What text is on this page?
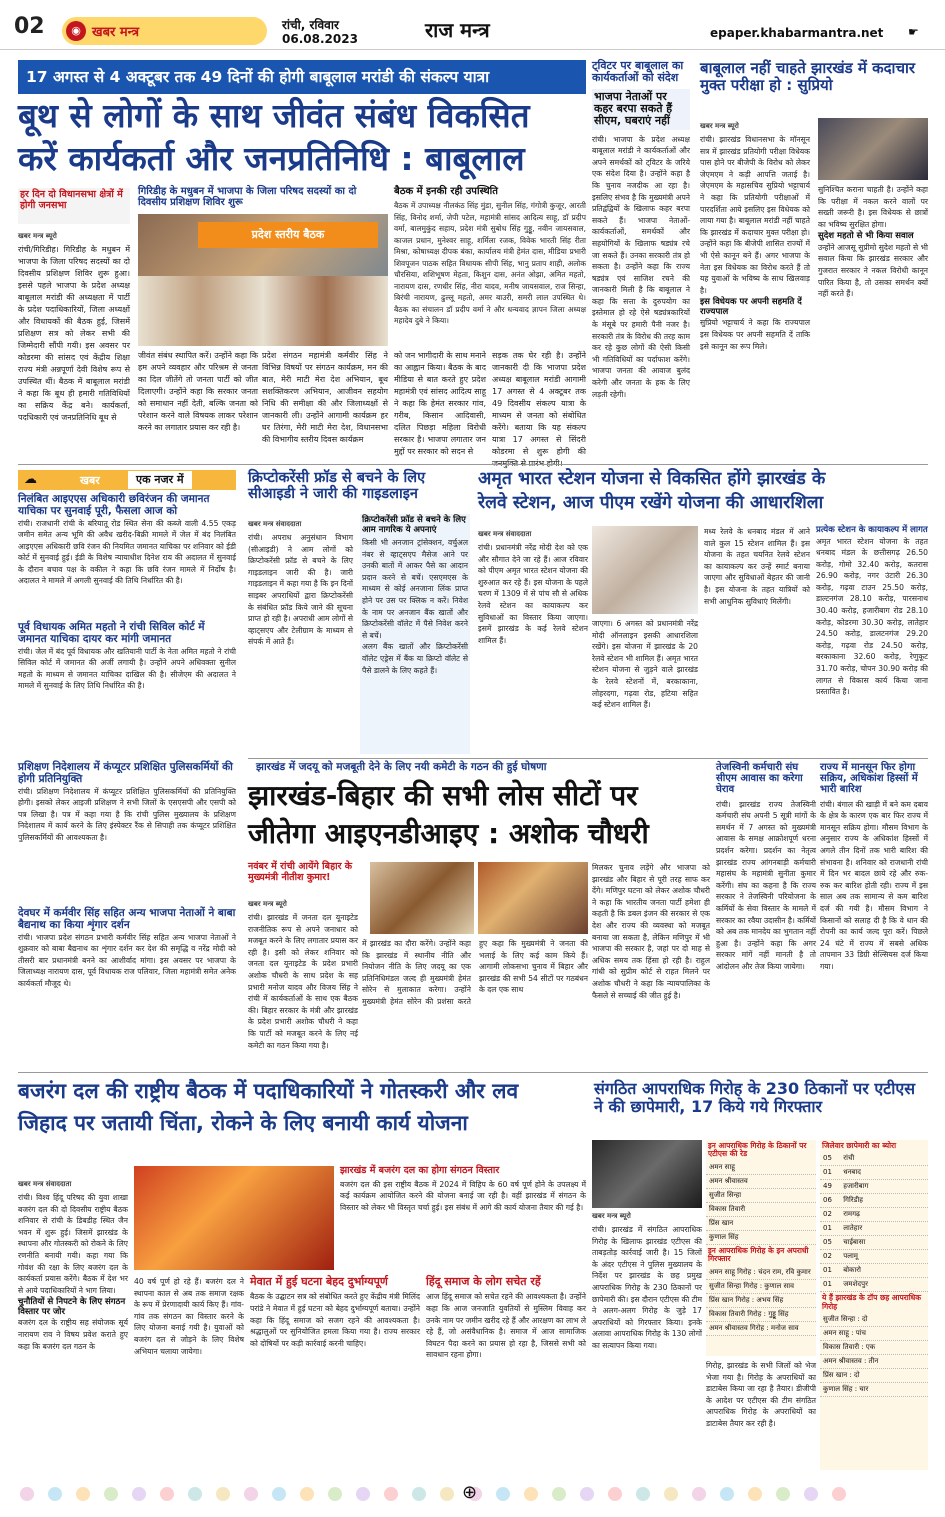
02	◉ खबर मन्त्र	रांची, रविवार
06.08.2023	राज मन्त्र	epaper.khabarmantra.net ☛
17 अगस्त से 4 अक्टूबर तक 49 दिनों की होगी बाबूलाल मरांडी की संकल्प यात्रा
बूथ से लोगों के साथ जीवंत संबंध विकसित
करें कार्यकर्ता और जनप्रतिनिधि : बाबूलाल
हर दिन दो विधानसभा क्षेत्रों में होगी जनसभा
खबर मन्त्र ब्यूरो
रांची/गिरिडीह। गिरिडीह के मधुबन में भाजपा के जिला परिषद सदस्यों का दो दिवसीय प्रशिक्षण शिविर शुरू हुआ। इससे पहले भाजपा के प्रदेश अध्यक्ष बाबूलाल मरांडी की अध्यक्षता में पार्टी के प्रदेश पदाधिकारियों, जिला अध्यक्षों और विधायकों की बैठक हुई, जिसमें प्रशिक्षण सत्र को लेकर सभी की जिम्मेदारी सौंपी गयी। इस अवसर पर कोडरमा की सांसद एवं केंद्रीय शिक्षा राज्य मंत्री अन्नपूर्णा देवी विशेष रूप से उपस्थित थीं। बैठक में बाबूलाल मरांडी ने कहा कि बूथ ही हमारी गतिविधियों का सक्रिय केंद्र बने। कार्यकर्ता, पदधिकारी एवं जनप्रतिनिधि बूथ से
गिरिडीह के मधुबन में भाजपा के जिला परिषद सदस्यों का दो दिवसीय प्रशिक्षण शिविर शुरू
प्रदेश स्तरीय बैठक
जीवंत संबंध स्थापित करें। उन्होंने कहा कि हम अपने व्यवहार और परिश्रम से जनता का दिल जीतेंगे तो जनता पार्टी को जीत दिलाएगी। उन्होंने कहा कि सरकार जनता को समाधान नहीं देती, बल्कि जनता को परेशान करने वाले विषयक लाकर परेशान करने का लगातार प्रयास कर रही है।
प्रदेश संगठन महामंत्री कर्मवीर सिंह ने विभिन्न विषयों पर संगठन कार्यक्रम, मन की बात, मेरी माटी मेरा देश अभियान, बूथ सशक्तिकरण अभियान, आजीवन सहयोग निधि की समीक्षा की और जिलाध्यक्षों से जानकारी ली। उन्होंने आगामी कार्यक्रम हर घर तिरंगा, मेरी माटी मेरा देश, विधानसभा की विभागीय स्तरीय दिवस कार्यक्रम
बैठक में इनकी रही उपस्थिति
बैठक में उपाध्यक्ष नीलकंठ सिंह मुंडा, सुनील सिंह, गंगोत्री कुजूर, आरती सिंह, विनोद शर्मा, जेपी पटेल, महामंत्री सांसद आदित्य साहू, डॉ प्रदीप वर्मा, बालमुकुंद सहाय, प्रदेश मंत्री सुबोध सिंह गुड्डू, नवीन जायसवाल, काजल प्रधान, मुनेश्वर साहू, शर्मिला रजक, विवेक भारती सिंह रीता मिश्रा, कोषाध्यक्ष दीपक बंका, कार्यालय मंत्री हेमंत दास, मीडिया प्रभारी शिवपूजन पाठक सहित विधायक सीपी सिंह, भानु प्रताप शाही, अलोक चौरसिया, शशिभूषण मेहता, किशुन दास, अनंत ओझा, अमित महतो, नारायण दास, रणधीर सिंह, नीरा यादव, मनीष जायसवाल, राज सिन्हा, बिरंची नारायण, ढुल्लू महतो, अमर बाउरी, समरी लाल उपस्थित थे। बैठक का संचालन डॉ प्रदीप वर्मा ने और धन्यवाद ज्ञापन जिला अध्यक्ष महादेव दुबे ने किया।
को जन भागीदारी के साथ मनाने का आह्वान किया। बैठक के बाद मीडिया से बात करते हुए प्रदेश महामंत्री एवं सांसद आदित्य साहू ने कहा कि हेमंत सरकार गांव, गरीब, किसान आदिवासी, दलित पिछड़ा महिला विरोधी सरकार है। भाजपा लगातार जन मुद्दों पर सरकार को सदन से
सड़क तक घेर रही है। उन्होंने जानकारी दी कि भाजपा प्रदेश अध्यक्ष बाबूलाल मरांडी आगामी 17 अगस्त से 4 अक्टूबर तक 49 दिवसीय संकल्प यात्रा के माध्यम से जनता को संबोधित करेंगे। बताया कि यह संकल्प यात्रा 17 अगस्त से सिंदरी कोडरमा से शुरू होगी की
ट्विटर पर बाबूलाल का कार्यकर्ताओं को संदेश
भाजपा नेताओं पर कहर बरपा सकते हैं सीएम, घबराएं नहीं
रांची। भाजपा के प्रदेश अध्यक्ष बाबूलाल मरांडी ने कार्यकर्ताओं और अपने समर्थकों को ट्विटर के जरिये एक संदेश दिया है। उन्होंने कहा है कि चुनाव नजदीक आ रहा है। इसलिए संभव है कि मुख्यमंत्री अपने प्रतिद्वंद्वियों के खिलाफ कहर बरपा सकते हैं। भाजपा नेताओं-कार्यकर्ताओं, समर्थकों और सहयोगियों के खिलाफ षड्यंत्र रचे जा सकते हैं। उनका सरकारी तंत्र हो सकता है। उन्होंने कहा कि राज्य षड्यंत्र एवं साजिश रचने की जानकारी मिली है कि बाबूलाल ने कहा कि सत्ता के दुरुपयोग का इस्तेमाल हो रहे ऐसे षड्यंत्रकारियों के मंसूबे पर हमारी पैनी नजर है। सरकारी तंत्र के विरोध की तरह काम कर रहे कुछ लोगों की ऐसी किसी भी गतिविधियों का पर्दाफाश करेंगे। भाजपा जनता की आवाज बुलंद करेगी और जनता के हक के लिए लड़ती रहेगी।
बाबूलाल नहीं चाहते झारखंड में कदाचार मुक्त परीक्षा हो : सुप्रियो
खबर मन्त्र ब्यूरो
रांची। झारखंड विधानसभा के मॉनसून सत्र में झारखंड प्रतियोगी परीक्षा विधेयक पास होने पर बीजेपी के विरोध को लेकर जेएमएम ने कड़ी आपत्ति जताई है। जेएमएम के महासचिव सुप्रियो भट्टाचार्य ने कहा कि प्रतियोगी परीक्षाओं में पारदर्शिता आये इसलिए इस विधेयक को लाया गया है। बाबूलाल मरांडी नहीं चाहते कि झारखंड में कदाचार मुक्त परीक्षा हो। उन्होंने कहा कि बीजेपी शासित राज्यों में भी ऐसे कानून बने हैं। अगर भाजपा के नेता इस विधेयक का विरोध करते हैं तो यह युवाओं के भविष्य के साथ खिलवाड़ है।
इस विधेयक पर अपनी सहमति दें राज्यपाल
सुप्रियो भट्टाचार्य ने कहा कि राज्यपाल इस विधेयक पर अपनी सहमति दें ताकि इसे कानून का रूप मिले।
सुनिश्चित कराना चाहती है। उन्होंने कहा कि परीक्षा में नकल करने वालों पर सख्ती जरूरी है। इस विधेयक से छात्रों का भविष्य सुरक्षित होगा।
सुदेश महतो से भी किया सवाल
उन्होंने आजसू सुप्रीमो सुदेश महतो से भी सवाल किया कि झारखंड सरकार और गुजरात सरकार ने नकल विरोधी कानून पारित किया है, तो उसका समर्थन क्यों नहीं करते हैं।
☁	खबर	एक नजर में
निलंबित आइएएस अधिकारी छविरंजन की जमानत याचिका पर सुनवाई पूरी, फैसला आज को
रांची। राजधानी रांची के बरियातू रोड स्थित सेना की कब्जे वाली 4.55 एकड़ जमीन समेत अन्य भूमि की अवैध खरीद-बिक्री मामले में जेल में बंद निलंबित आइएएस अधिकारी छवि रंजन की नियमित जमानत याचिका पर शनिवार को ईडी कोर्ट में सुनवाई हुई। ईडी के विशेष न्यायाधीश दिनेश राय की अदालत में सुनवाई के दौरान बचाव पक्ष के वकील ने कहा कि छवि रंजन मामले में निर्दोष है। अदालत ने मामले में अगली सुनवाई की तिथि निर्धारित की है।
पूर्व विधायक अमित महतो ने रांची सिविल कोर्ट में जमानत याचिका दायर कर मांगी जमानत
रांची। जेल में बंद पूर्व विधायक और खतियानी पार्टी के नेता अमित महतो ने रांची सिविल कोर्ट में जमानत की अर्जी लगायी है। उन्होंने अपने अधिवक्ता सुनील महतो के माध्यम से जमानत याचिका दाखिल की है। सीजेएम की अदालत ने मामले में सुनवाई के लिए तिथि निर्धारित की है।
प्रशिक्षण निदेशालय में कंप्यूटर प्रशिक्षित पुलिसकर्मियों की होगी प्रतिनियुक्ति
रांची। प्रशिक्षण निदेशालय में कंप्यूटर प्रशिक्षित पुलिसकर्मियों की प्रतिनियुक्ति होगी। इसको लेकर आइजी प्रशिक्षण ने सभी जिलों के एसएसपी और एसपी को पत्र लिखा है। पत्र में कहा गया है कि रांची पुलिस मुख्यालय के प्रशिक्षण निदेशालय में कार्य करने के लिए इंस्पेक्टर रैंक से सिपाही तक कंप्यूटर प्रशिक्षित पुलिसकर्मियों की आवश्यकता है।
देवघर में कर्मवीर सिंह सहित अन्य भाजपा नेताओं ने बाबा बैद्यनाथ का किया शृंगार दर्शन
रांची। भाजपा प्रदेश संगठन प्रभारी कर्मवीर सिंह सहित अन्य भाजपा नेताओं ने शुक्रवार को बाबा बैद्यनाथ का शृंगार दर्शन कर देश की समृद्धि व नरेंद्र मोदी को तीसरी बार प्रधानमंत्री बनने का आशीर्वाद मांगा। इस अवसर पर भाजपा के जिलाध्यक्ष नारायण दास, पूर्व विधायक राज पलिवार, जिला महामंत्री समेत अनेक कार्यकर्ता मौजूद थे।
क्रिप्टोकरेंसी फ्रॉड से बचने के लिए सीआइडी ने जारी की गाइडलाइन
खबर मन्त्र संवाददाता
रांची। अपराध अनुसंधान विभाग (सीआइडी) ने आम लोगों को क्रिप्टोकरेंसी फ्रॉड से बचने के लिए गाइडलाइन जारी की है। जारी गाइडलाइन में कहा गया है कि इन दिनों साइबर अपराधियों द्वारा क्रिप्टोकरेंसी के संबंधित फ्रॉड किये जाने की सूचना प्राप्त हो रही है। अपराधी आम लोगों से व्हाट्सएप और टेलीग्राम के माध्यम से संपर्क में आते हैं।
क्रिप्टोकरेंसी फ्रॉड से बचने के लिए आम नागरिक ये अपनाएं
किसी भी अनजान ट्रांसेक्शन, वर्चुअल नंबर से व्हाट्सएप मैसेज आने पर उनकी बातों में आकर पैसे का आदान प्रदान करने से बचें। एसएमएस के माध्यम से कोई अनजाना लिंक प्राप्त होने पर उस पर क्लिक न करें। निवेश के नाम पर अनजान बैंक खातों और क्रिप्टोकरेंसी वॉलेट में पैसे निवेश करने से बचें।
अलग बैंक खातों और क्रिप्टोकरेंसी वॉलेट एड्रेस में बैंक या क्रिप्टो वॉलेट से पैसे डालने के लिए कहते हैं।
अमृत भारत स्टेशन योजना से विकसित होंगे झारखंड के
रेलवे स्टेशन, आज पीएम रखेंगे योजना की आधारशिला
खबर मन्त्र संवाददाता
रांची। प्रधानमंत्री नरेंद्र मोदी देश को एक और सौगात देने जा रहे हैं। आज रविवार को पीएम अमृत भारत स्टेशन योजना की शुरुआत कर रहे हैं। इस योजना के पहले चरण में 1309 में से पांच सौ से अधिक रेलवे स्टेशन का कायाकल्प कर सुविधाओं का विस्तार किया जाएगा। इसमें झारखंड के कई रेलवे स्टेशन शामिल हैं।
जाएगा। 6 अगस्त को प्रधानमंत्री नरेंद्र मोदी ऑनलाइन इसकी आधारशिला रखेंगे। इस योजना में झारखंड के 20 रेलवे स्टेशन भी शामिल हैं। अमृत भारत स्टेशन योजना से जुड़ने वाले झारखंड के रेलवे स्टेशनों में, बरकाकाना, लोहरदगा, गढ़वा रोड, हटिया सहित कई स्टेशन शामिल हैं।
मध्य रेलवे के धनबाद मंडल में आने वाले कुल 15 स्टेशन शामिल हैं। इस योजना के तहत चयनित रेलवे स्टेशन का कायाकल्प कर उन्हें स्मार्ट बनाया जाएगा और सुविधाओं बेहतर की जानी है। इस योजना के तहत यात्रियों को सभी आधुनिक सुविधाएं मिलेंगी।
प्रत्येक स्टेशन के कायाकल्प में लागत
अमृत भारत स्टेशन योजना के तहत धनबाद मंडल के छत्तीसगढ़ 26.50 करोड़, गोमो 32.40 करोड़, कतरास 26.90 करोड़, नगर उंटारी 26.30 करोड़, गढ़वा टाउन 25.50 करोड़, डाल्टनगंज 28.10 करोड़, पारसनाथ 30.40 करोड़, हजारीबाग रोड 28.10 करोड़, कोडरमा 30.30 करोड़, लातेहार 24.50 करोड़, डालटनगंज 29.20 करोड़, गढ़वा रोड 24.50 करोड़, बरकाकाना 32.60 करोड़, रेणुकूट 31.70 करोड़, चोपन 30.90 करोड़ की लागत से विकास कार्य किया जाना प्रस्तावित है।
झारखंड में जदयू को मजबूती देने के लिए नयी कमेटी के गठन की हुई घोषणा
झारखंड-बिहार की सभी लोस सीटों पर
जीतेगा आइएनडीआइए : अशोक चौधरी
नवंबर में रांची आयेंगे बिहार के मुख्यमंत्री नीतीश कुमार!
खबर मन्त्र ब्यूरो
रांची। झारखंड में जनता दल यूनाइटेड राजनीतिक रूप से अपने जनाधार को मजबूत करने के लिए लगातार प्रयास कर रही है। इसी को लेकर शनिवार को जनता दल यूनाइटेड के प्रदेश प्रभारी अशोक चौधरी के साथ प्रदेश के सह प्रभारी मनोज यादव और विजय सिंह ने रांची में कार्यकर्ताओं के साथ एक बैठक की। बिहार सरकार के मंत्री और झारखंड के प्रदेश प्रभारी अशोक चौधरी ने कहा कि पार्टी को मजबूत करने के लिए नई कमेटी का गठन किया गया है।
में झारखंड का दौरा करेंगे। उन्होंने कहा कि झारखंड में स्थानीय नीति और नियोजन नीति के लिए जदयू का एक प्रतिनिधिमंडल जल्द ही मुख्यमंत्री हेमंत सोरेन से मुलाकात करेगा। उन्होंने मुख्यमंत्री हेमंत सोरेन की प्रशंसा करते हुए कहा कि मुख्यमंत्री ने जनता की भलाई के लिए कई काम किये हैं। आगामी लोकसभा चुनाव में बिहार और झारखंड की सभी 54 सीटों पर गठबंधन के दल एक साथ
मिलकर चुनाव लड़ेंगे और भाजपा को झारखंड और बिहार से पूरी तरह साफ कर देंगे। मणिपुर घटना को लेकर अशोक चौधरी ने कहा कि भारतीय जनता पार्टी हमेशा ही कहती है कि डबल इंजन की सरकार से एक देश और राज्य की व्यवस्था को मजबूत बनाया जा सकता है, लेकिन मणिपुर में भी भाजपा की सरकार है, जहां पर दो माह से अधिक समय तक हिंसा हो रही है। राहुल गांधी को सुप्रीम कोर्ट से राहत मिलने पर अशोक चौधरी ने कहा कि न्यायपालिका के फैसले से सच्चाई की जीत हुई है।
तेजस्विनी कर्मचारी संघ सीएम आवास का करेगा घेराव
रांची। झारखंड राज्य तेजस्विनी कर्मचारी संघ अपनी 5 सूत्री मांगों के समर्थन में 7 अगस्त को मुख्यमंत्री आवास के समक्ष आक्रोशपूर्ण धरना प्रदर्शन करेगा। प्रदर्शन का नेतृत्व झारखंड राज्य आंगनबाड़ी कर्मचारी महासंघ के महामंत्री सुनीता कुमार करेंगी। संघ का कहना है कि राज्य सरकार ने तेजस्विनी परियोजना के कर्मियों के सेवा विस्तार के मामले में सरकार का रवैया उदासीन है। कर्मियों को अब तक मानदेय का भुगतान नहीं हुआ है। उन्होंने कहा कि अगर सरकार मांगें नहीं मानती है तो आंदोलन और तेज किया जायेगा।
राज्य में मानसून फिर होगा सक्रिय, अधिकांश हिस्सों में भारी बारिश
रांची। बंगाल की खाड़ी में बने कम दबाव के क्षेत्र के कारण एक बार फिर राज्य में मानसून सक्रिय होगा। मौसम विभाग के अनुसार राज्य के अधिकांश हिस्सों में अगले तीन दिनों तक भारी बारिश की संभावना है। शनिवार को राजधानी रांची में दिन भर बादल छाये रहे और रुक-रुक कर बारिश होती रही। राज्य में इस साल अब तक सामान्य से कम बारिश दर्ज की गयी है। मौसम विभाग ने किसानों को सलाह दी है कि वे धान की रोपनी का कार्य जल्द पूरा करें। पिछले 24 घंटे में राज्य में सबसे अधिक तापमान 33 डिग्री सेल्सियस दर्ज किया गया।
बजरंग दल की राष्ट्रीय बैठक में पदाधिकारियों ने गोतस्करी और लव
जिहाद पर जतायी चिंता, रोकने के लिए बनायी कार्य योजना
खबर मन्त्र संवाददाता
रांची। विश्व हिंदू परिषद की युवा शाखा बजरंग दल की दो दिवसीय राष्ट्रीय बैठक शनिवार से रांची के डिबडीह स्थित जैन भवन में शुरू हुई। जिसमें झारखंड के स्थापना और गोतस्करी को रोकने के लिए रणनीति बनायी गयी। कहा गया कि गोवंश की रक्षा के लिए बजरंग दल के कार्यकर्ता प्रयास करेंगे। बैठक में देश भर से आये पदाधिकारियों ने भाग लिया।
चुनौतियों से निपटने के लिए संगठन विस्तार पर जोर
बजरंग दल के राष्ट्रीय सह संयोजक सूर्य नारायण राव ने विषय प्रवेश कराते हुए कहा कि बजरंग दल गठन के
झारखंड में बजरंग दल का होगा संगठन विस्तार
बजरंग दल की इस राष्ट्रीय बैठक में 2024 में विहिप के 60 वर्ष पूर्ण होने के उपलक्ष्य में कई कार्यक्रम आयोजित करने की योजना बनाई जा रही है। वहीं झारखंड में संगठन के विस्तार को लेकर भी विस्तृत चर्चा हुई। इस संबंध में आगे की कार्य योजना तैयार की गई है।
40 वर्ष पूर्ण हो रहे हैं। बजरंग दल ने स्थापना काल से अब तक समाज रक्षक के रूप में प्रेरणादायी कार्य किए हैं। गांव-गांव तक संगठन का विस्तार करने के लिए योजना बनाई गयी है। युवाओं को बजरंग दल से जोड़ने के लिए विशेष अभियान चलाया जायेगा।
मेवात में हुई घटना बेहद दुर्भाग्यपूर्ण
बैठक के उद्घाटन सत्र को संबोधित करते हुए केंद्रीय मंत्री मिलिंद परांडे ने मेवात में हुई घटना को बेहद दुर्भाग्यपूर्ण बताया। उन्होंने कहा कि हिंदू समाज को सजग रहने की आवश्यकता है। श्रद्धालुओं पर सुनियोजित हमला किया गया है। राज्य सरकार को दोषियों पर कड़ी कार्रवाई करनी चाहिए।
हिंदू समाज के लोग सचेत रहें
आज हिंदू समाज को सचेत रहने की आवश्यकता है। उन्होंने कहा कि आज जनजाति युवतियों से मुस्लिम विवाह कर उनके नाम पर जमीन खरीद रहे हैं और आरक्षण का लाभ ले रहे हैं, जो असंवैधानिक है। समाज में आज सामाजिक विघटन पैदा करने का प्रयास हो रहा है, जिससे सभी को सावधान रहना होगा।
संगठित आपराधिक गिरोह के 230 ठिकानों पर एटीएस ने की छापेमारी, 17 किये गये गिरफ्तार
खबर मन्त्र ब्यूरो
रांची। झारखंड में संगठित आपराधिक गिरोह के खिलाफ झारखंड एटीएस की ताबड़तोड़ कार्रवाई जारी है। 15 जिलों के अंदर एटीएस ने पुलिस मुख्यालय के निर्देश पर झारखंड के छह प्रमुख आपराधिक गिरोह के 230 ठिकानों पर छापेमारी की। इस दौरान एटीएस की टीम ने अलग-अलग गिरोह के जुड़े 17 अपराधियों को गिरफ्तार किया। इनके अलावा आपराधिक गिरोह के 130 लोगों का सत्यापन किया गया।
इन आपराधिक गिरोह के ठिकानों पर एटीएस की रेड
अमन साहू
अमन श्रीवास्तव
सुजीत सिन्हा
विकास तिवारी
प्रिंस खान
कुणाल सिंह
इन आपराधिक गिरोह के इन अपराधी गिरफ्तार
अमन साहू गिरोह : चंदन राम, रवि कुमार
सुजीत सिन्हा गिरोह : कुणाल साव
प्रिंस खान गिरोह : अभय सिंह
विकास तिवारी गिरोह : गुड्डू सिंह
अमन श्रीवास्तव गिरोह : मनोज साव
गिरोह, झारखंड के सभी जिलों को भेज भेजा गया है। गिरोह के अपराधियों का डाटाबेस किया जा रहा है तैयार। डीजीपी के आदेश पर एटीएस की टीम संगठित आपराधिक गिरोह के अपराधियों का डाटाबेस तैयार कर रही है।
जिलेवार छापेमारी का ब्योरा
05 रांची
01 धनबाद
49 हजारीबाग
06 गिरिडीह
02 रामगढ़
01 लातेहार
05 चाईबासा
02 पलामू
01 बोकारो
01 जमशेदपुर
ये हैं झारखंड के टॉप छह आपराधिक गिरोह
सुजीत सिन्हा : दो
अमन साहू : पांच
विकास तिवारी : एक
अमन श्रीवास्तव : तीन
प्रिंस खान : दो
कुणाल सिंह : चार
⊕
